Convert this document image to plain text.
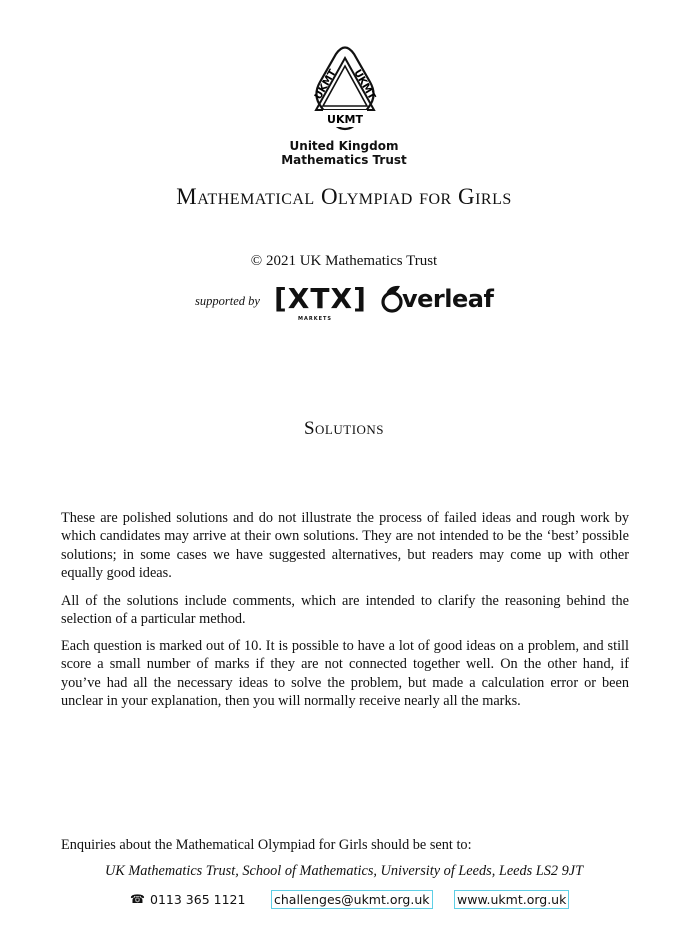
UKMT
UKMT UKMT
United Kingdom
Mathematics Trust
Mathematical Olympiad for Girls
© 2021 UK Mathematics Trust
supported by [XTX]
MARKETS
verleaf
Solutions

These are polished solutions and do not illustrate the process of failed ideas and rough work by which candidates may arrive at their own solutions. They are not intended to be the ‘best’ possible solutions; in some cases we have suggested alternatives, but readers may come up with other equally good ideas.

All of the solutions include comments, which are intended to clarify the reasoning behind the selection of a particular method.

Each question is marked out of 10. It is possible to have a lot of good ideas on a problem, and still score a small number of marks if they are not connected together well. On the other hand, if you’ve had all the necessary ideas to solve the problem, but made a calculation error or been unclear in your explanation, then you will normally receive nearly all the marks.

Enquiries about the Mathematical Olympiad for Girls should be sent to:
UK Mathematics Trust, School of Mathematics, University of Leeds, Leeds LS2 9JT
☎ 0113 365 1121 challenges@ukmt.org.uk www.ukmt.org.uk
